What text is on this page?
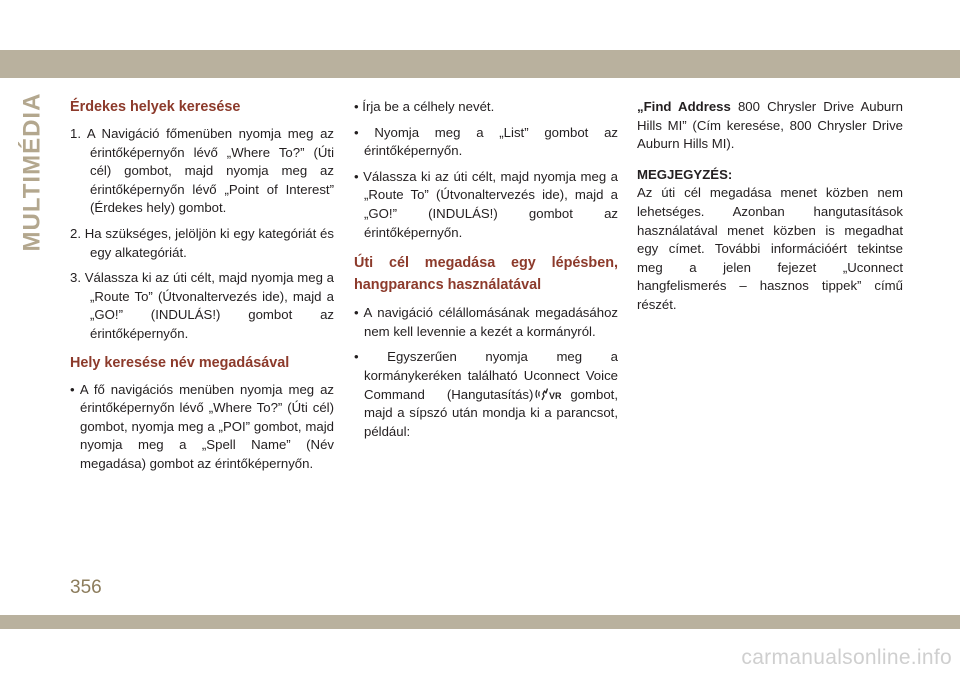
MULTIMÉDIA Érdekes helyek keresése

1. A Navigáció főmenüben nyomja meg az érintőképernyőn lévő „Where To?” (Úti cél) gombot, majd nyomja meg az érintőképernyőn lévő „Point of Interest” (Érdekes hely) gombot.

2. Ha szükséges, jelöljön ki egy kategóriát és egy alkategóriát.

3. Válassza ki az úti célt, majd nyomja meg a „Route To” (Útvonaltervezés ide), majd a „GO!” (INDULÁS!) gombot az érintőképernyőn.

Hely keresése név megadásával

• A fő navigációs menüben nyomja meg az érintőképernyőn lévő „Where To?” (Úti cél) gombot, nyomja meg a „POI” gombot, majd nyomja meg a „Spell Name” (Név megadása) gombot az érintőképernyőn.

• Írja be a célhely nevét.

• Nyomja meg a „List” gombot az érintőképernyőn.

• Válassza ki az úti célt, majd nyomja meg a „Route To” (Útvonaltervezés ide), majd a „GO!” (INDULÁS!) gombot az érintőképernyőn.

Úti cél megadása egy lépésben, hangparancs használatával

• A navigáció célállomásának megadásához nem kell levennie a kezét a kormányról.

• Egyszerűen nyomja meg a kormánykeréken található Uconnect Voice Command (Hangutasítás) VR gombot, majd a sípszó után mondja ki a parancsot, például:

„Find Address 800 Chrysler Drive Auburn Hills MI” (Cím keresése, 800 Chrysler Drive Auburn Hills MI).

MEGJEGYZÉS:

Az úti cél megadása menet közben nem lehetséges. Azonban hangutasítások használatával menet közben is megadhat egy címet. További információért tekintse meg a jelen fejezet „Uconnect hangfelismerés – hasznos tippek” című részét.

356
carmanualsonline.info
